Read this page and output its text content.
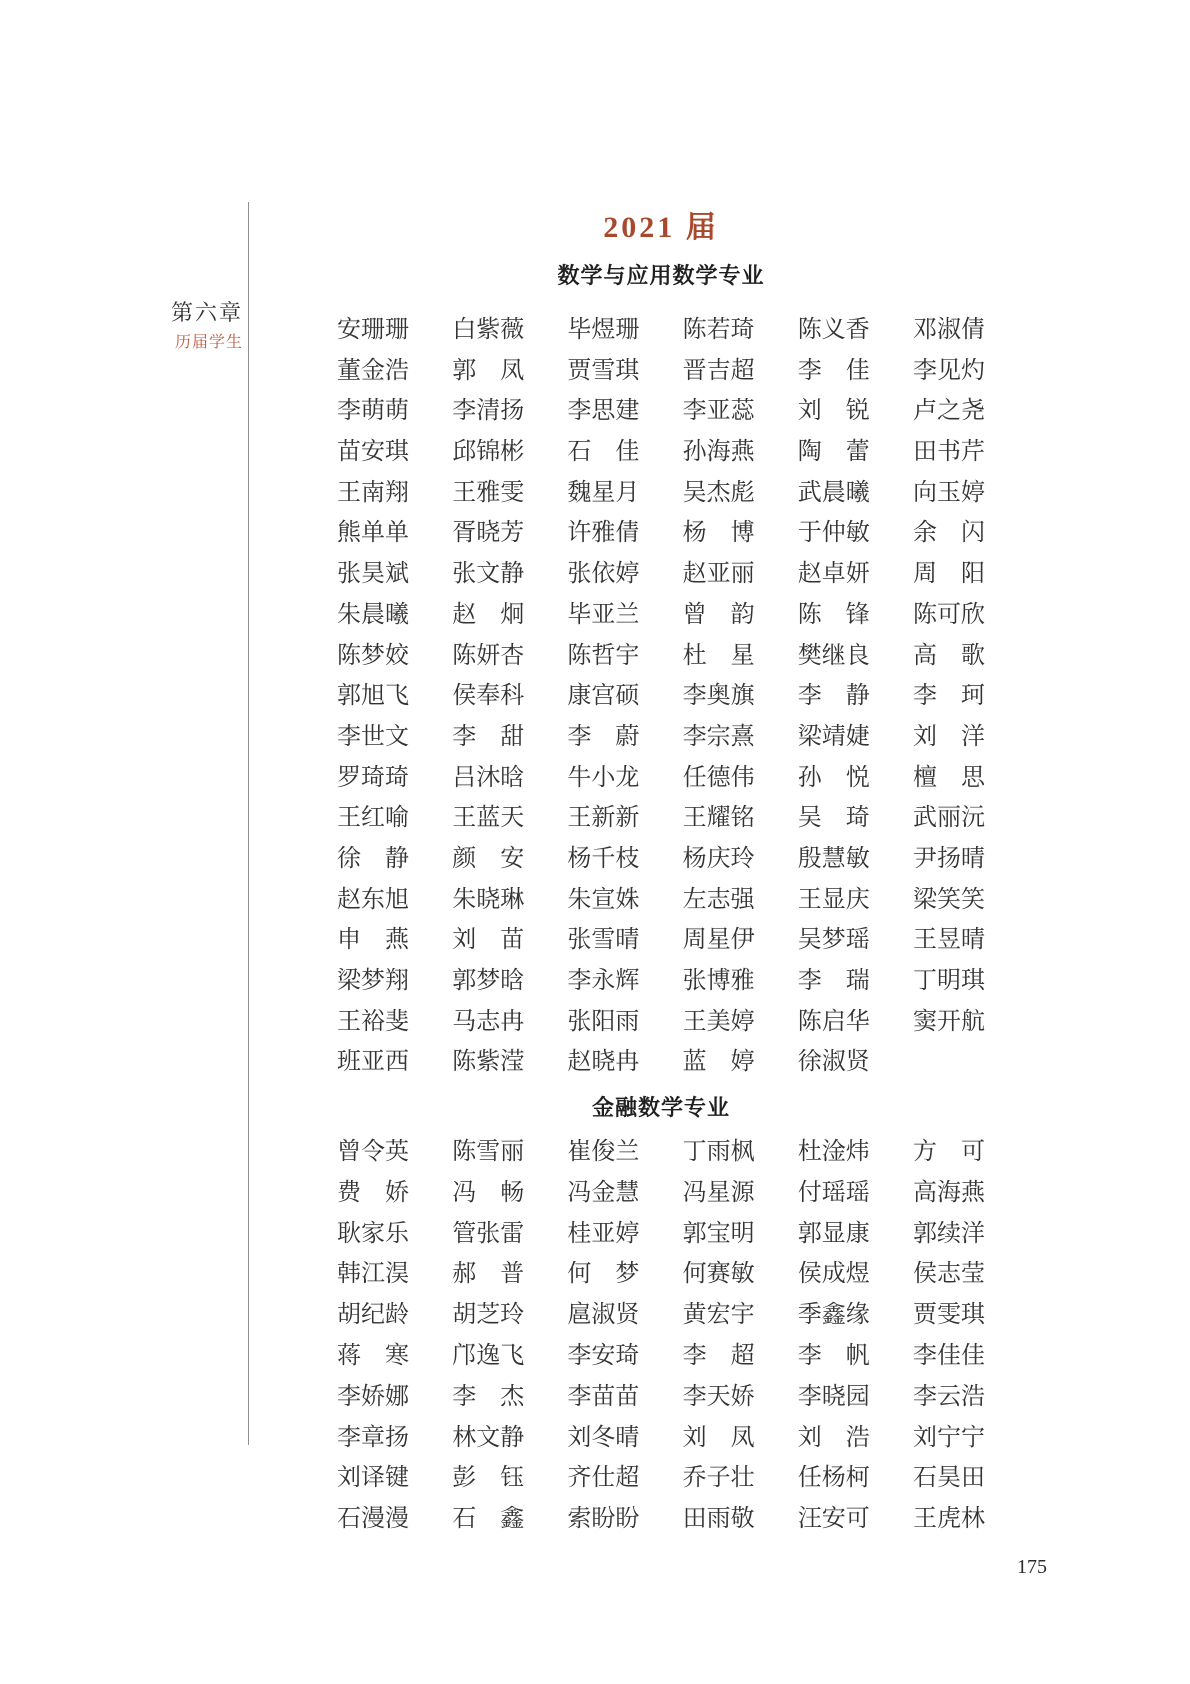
第六章
历届学生
2021 届
数学与应用数学专业
安 珊 珊 白 紫 薇 毕 煜 珊 陈 若 琦 陈 义 香 邓 淑 倩
董 金 浩 郭 凤 贾 雪 琪 晋 吉 超 李 佳 李 见 灼
李 萌 萌 李 清 扬 李 思 建 李 亚 蕊 刘 锐 卢 之 尧
苗 安 琪 邱 锦 彬 石 佳 孙 海 燕 陶 蕾 田 书 芹
王 南 翔 王 雅 雯 魏 星 月 吴 杰 彪 武 晨 曦 向 玉 婷
熊 单 单 胥 晓 芳 许 雅 倩 杨 博 于 仲 敏 余 闪
张 昊 斌 张 文 静 张 依 婷 赵 亚 丽 赵 卓 妍 周 阳
朱 晨 曦 赵 炯 毕 亚 兰 曾 韵 陈 锋 陈 可 欣
陈 梦 姣 陈 妍 杏 陈 哲 宇 杜 星 樊 继 良 高 歌
郭 旭 飞 侯 奉 科 康 宫 硕 李 奥 旗 李 静 李 珂
李 世 文 李 甜 李 蔚 李 宗 熹 梁 靖 婕 刘 洋
罗 琦 琦 吕 沐 晗 牛 小 龙 任 德 伟 孙 悦 檀 思
王 红 喻 王 蓝 天 王 新 新 王 耀 铭 吴 琦 武 丽 沅
徐 静 颜 安 杨 千 枝 杨 庆 玲 殷 慧 敏 尹 扬 晴
赵 东 旭 朱 晓 琳 朱 宣 姝 左 志 强 王 显 庆 梁 笑 笑
申 燕 刘 苗 张 雪 晴 周 星 伊 吴 梦 瑶 王 昱 晴
梁 梦 翔 郭 梦 晗 李 永 辉 张 博 雅 李 瑞 丁 明 琪
王 裕 斐 马 志 冉 张 阳 雨 王 美 婷 陈 启 华 窦 开 航
班 亚 西 陈 紫 滢 赵 晓 冉 蓝 婷 徐 淑 贤
金融数学专业
曾 令 英 陈 雪 丽 崔 俊 兰 丁 雨 枫 杜 淦 炜 方 可
费 娇 冯 畅 冯 金 慧 冯 星 源 付 瑶 瑶 高 海 燕
耿 家 乐 管 张 雷 桂 亚 婷 郭 宝 明 郭 显 康 郭 续 洋
韩 江 淏 郝 普 何 梦 何 赛 敏 侯 成 煜 侯 志 莹
胡 纪 龄 胡 芝 玲 扈 淑 贤 黄 宏 宇 季 鑫 缘 贾 雯 琪
蒋 寒 邝 逸 飞 李 安 琦 李 超 李 帆 李 佳 佳
李 娇 娜 李 杰 李 苗 苗 李 天 娇 李 晓 园 李 云 浩
李 章 扬 林 文 静 刘 冬 晴 刘 凤 刘 浩 刘 宁 宁
刘 译 键 彭 钰 齐 仕 超 乔 子 壮 任 杨 柯 石 昊 田
石 漫 漫 石 鑫 索 盼 盼 田 雨 敬 汪 安 可 王 虎 林
175
